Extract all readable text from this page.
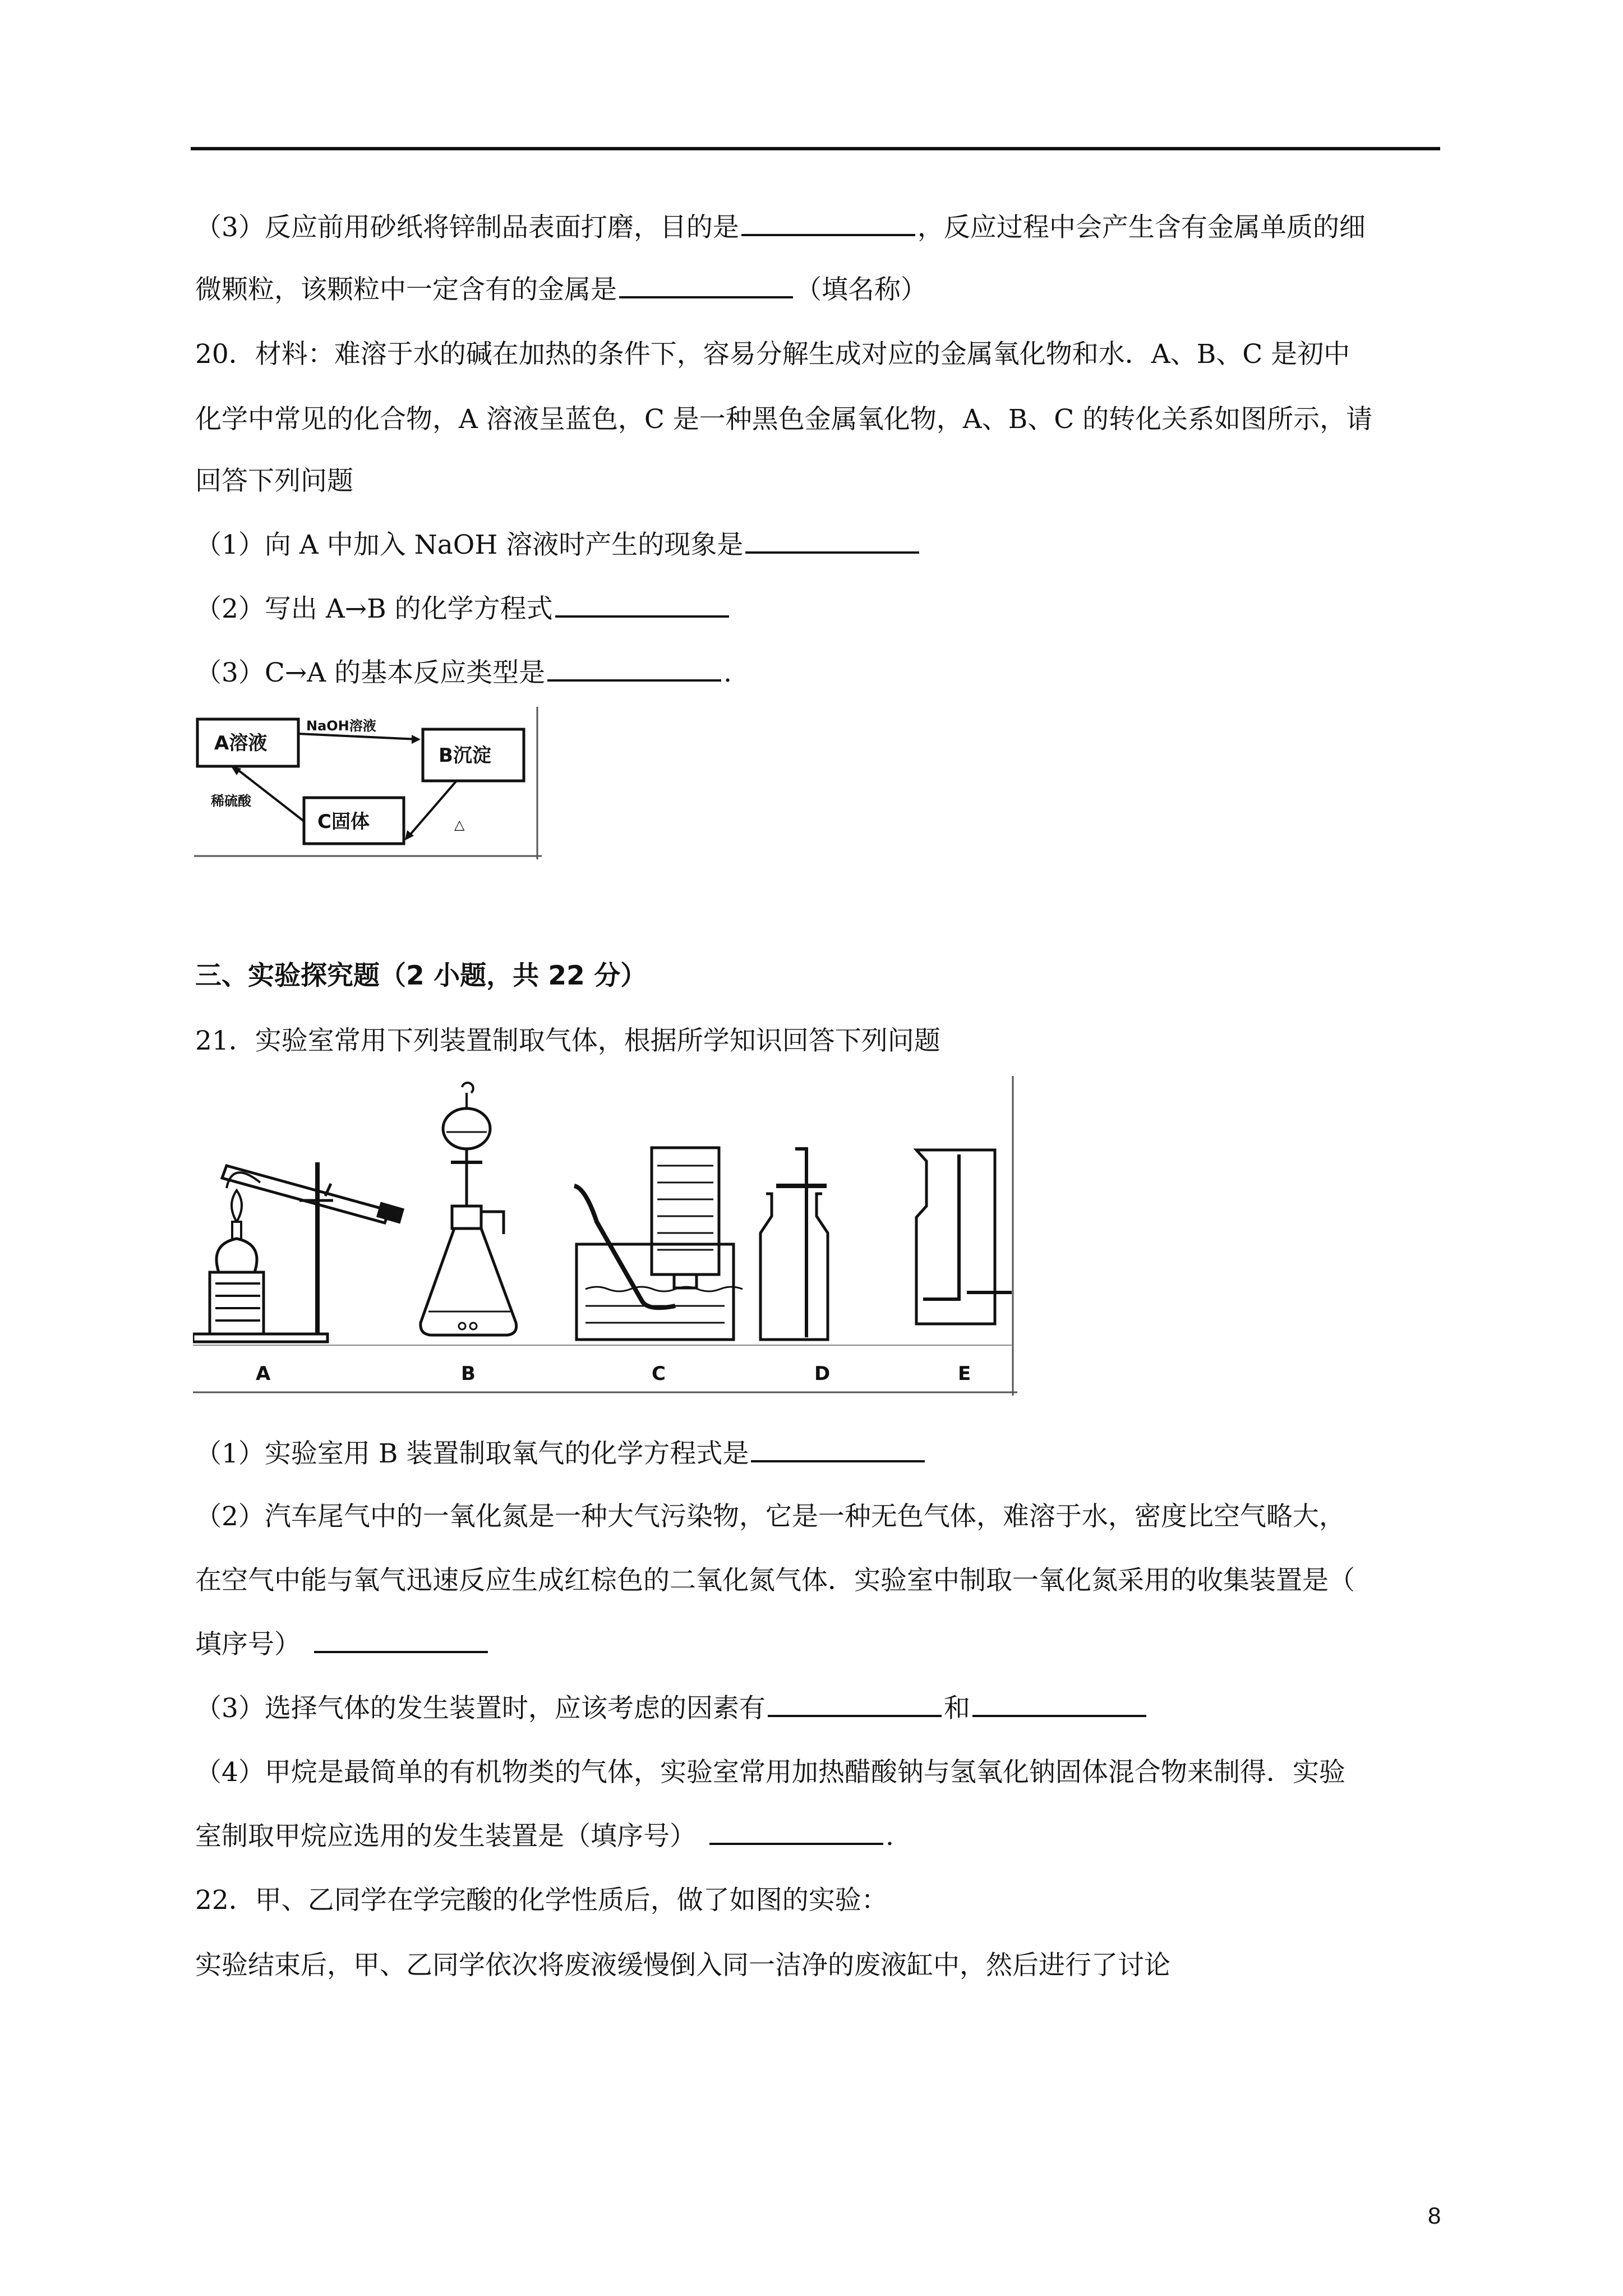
（3）反应前用砂纸将锌制品表面打磨，目的是	，反应过程中会产生含有金属单质的细
微颗粒，该颗粒中一定含有的金属是	（填名称）
20．材料：难溶于水的碱在加热的条件下，容易分解生成对应的金属氧化物和水．A、B、C 是初中
化学中常见的化合物，A 溶液呈蓝色，C 是一种黑色金属氧化物，A、B、C 的转化关系如图所示，请
回答下列问题
（1）向 A 中加入 NaOH 溶液时产生的现象是
（2）写出 A→B 的化学方程式
（3）C→A 的基本反应类型是	.
A溶液
B沉淀
C固体
NaOH溶液
△
稀硫酸
三、实验探究题（2 小题，共 22 分）
21．实验室常用下列装置制取气体，根据所学知识回答下列问题
A	B	C	D	E
（1）实验室用 B 装置制取氧气的化学方程式是
（2）汽车尾气中的一氧化氮是一种大气污染物，它是一种无色气体，难溶于水，密度比空气略大，
在空气中能与氧气迅速反应生成红棕色的二氧化氮气体．实验室中制取一氧化氮采用的收集装置是（
填序号）
（3）选择气体的发生装置时，应该考虑的因素有	和
（4）甲烷是最简单的有机物类的气体，实验室常用加热醋酸钠与氢氧化钠固体混合物来制得．实验
室制取甲烷应选用的发生装置是（填序号）	.
22．甲、乙同学在学完酸的化学性质后，做了如图的实验：
实验结束后，甲、乙同学依次将废液缓慢倒入同一洁净的废液缸中，然后进行了讨论
8
